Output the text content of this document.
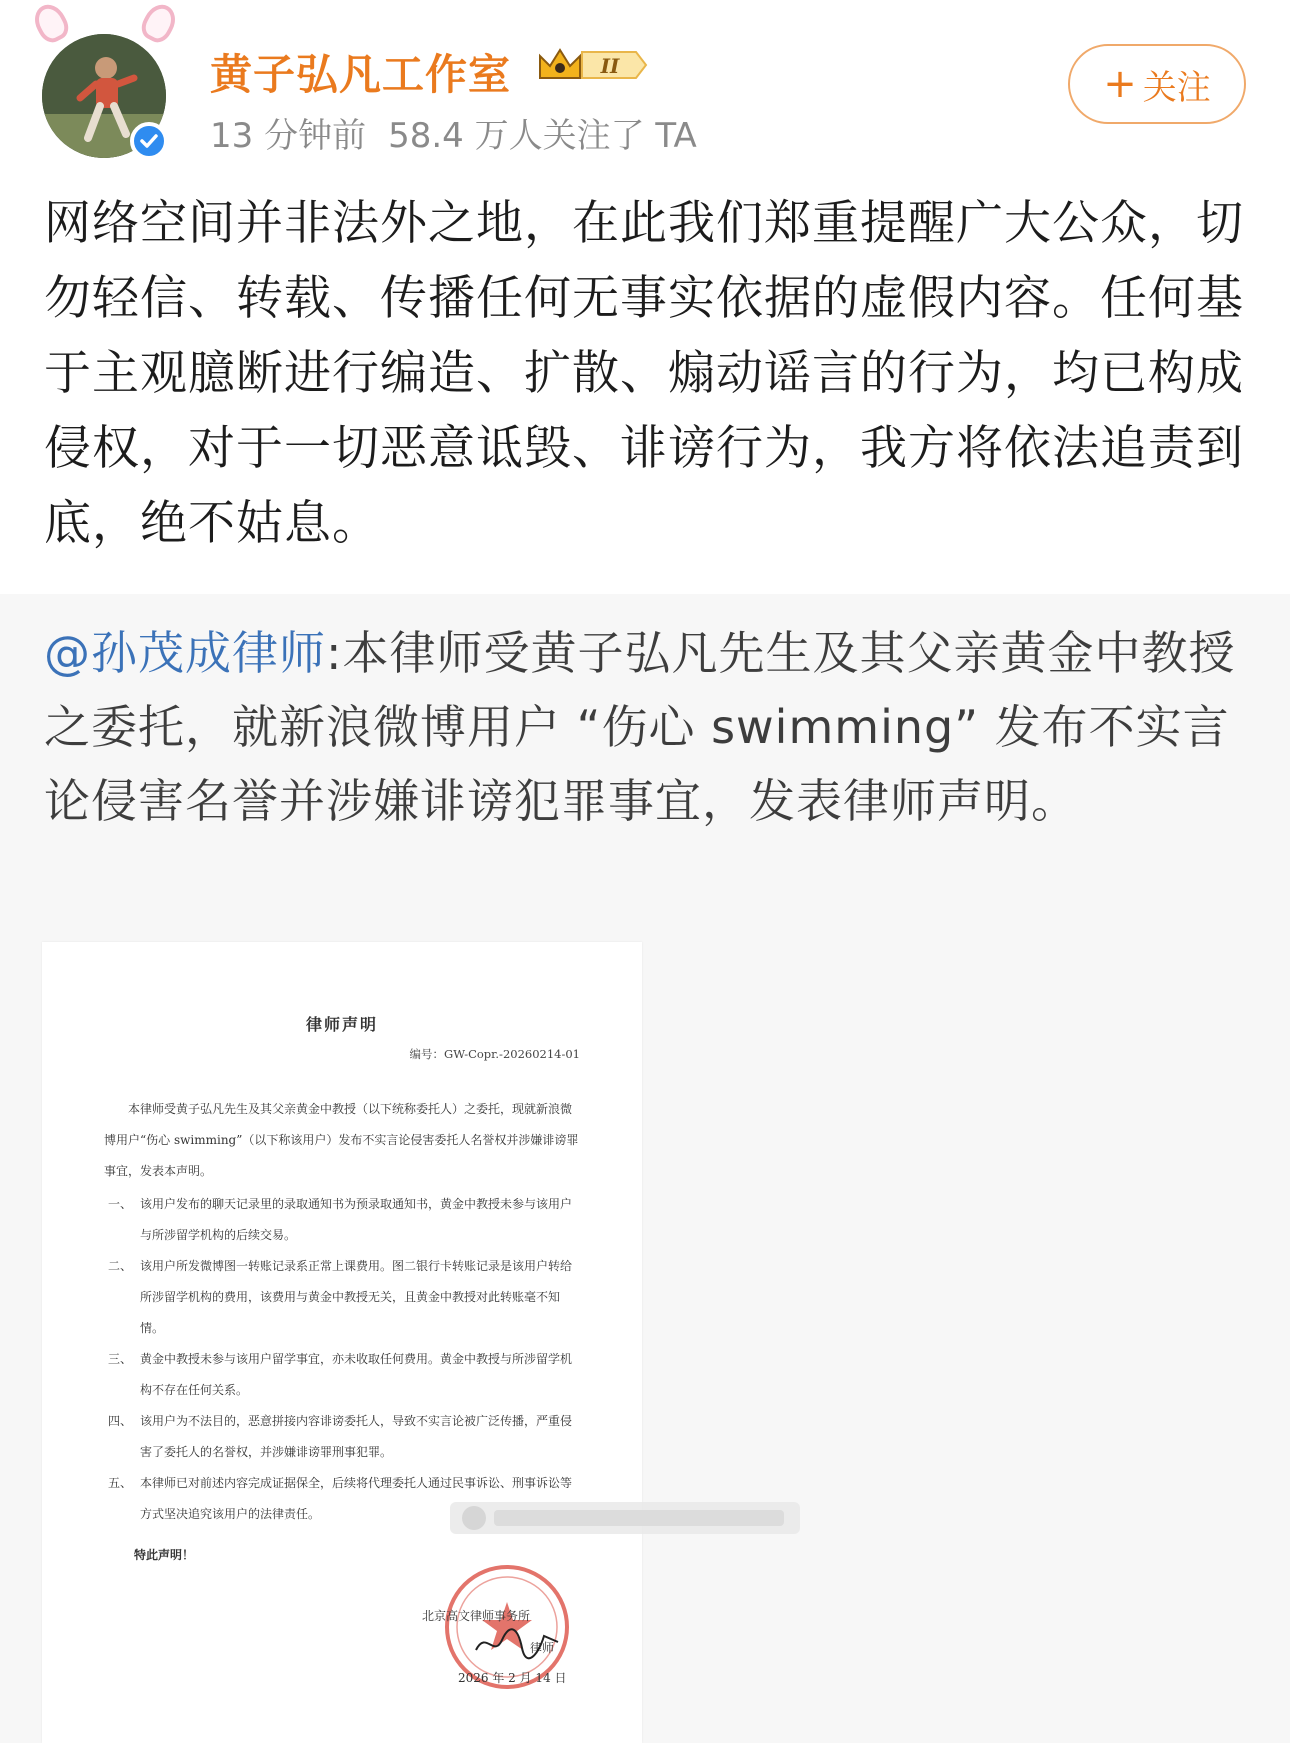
黄子弘凡工作室	II
13 分钟前 58.4 万人关注了 TA
+ 关注
网络空间并非法外之地，在此我们郑重提醒广大公众，切勿轻信、转载、传播任何无事实依据的虚假内容。任何基于主观臆断进行编造、扩散、煽动谣言的行为，均已构成侵权，对于一切恶意诋毁、诽谤行为，我方将依法追责到底，绝不姑息。
@孙茂成律师:本律师受黄子弘凡先生及其父亲黄金中教授之委托，就新浪微博用户 “伤心 swimming” 发布不实言论侵害名誉并涉嫌诽谤犯罪事宜，发表律师声明。
律师声明
编号：GW-Copr.-20260214-01
本律师受黄子弘凡先生及其父亲黄金中教授（以下统称委托人）之委托，现就新浪微博用户“伤心 swimming”（以下称该用户）发布不实言论侵害委托人名誉权并涉嫌诽谤罪事宜，发表本声明。
一、 该用户发布的聊天记录里的录取通知书为预录取通知书，黄金中教授未参与该用户与所涉留学机构的后续交易。
二、 该用户所发微博图一转账记录系正常上课费用。图二银行卡转账记录是该用户转给所涉留学机构的费用，该费用与黄金中教授无关，且黄金中教授对此转账毫不知情。
三、 黄金中教授未参与该用户留学事宜，亦未收取任何费用。黄金中教授与所涉留学机构不存在任何关系。
四、 该用户为不法目的，恶意拼接内容诽谤委托人，导致不实言论被广泛传播，严重侵害了委托人的名誉权，并涉嫌诽谤罪刑事犯罪。
五、 本律师已对前述内容完成证据保全，后续将代理委托人通过民事诉讼、刑事诉讼等方式坚决追究该用户的法律责任。
特此声明！
北京高文律师事务所
律师
2026 年 2 月 14 日
